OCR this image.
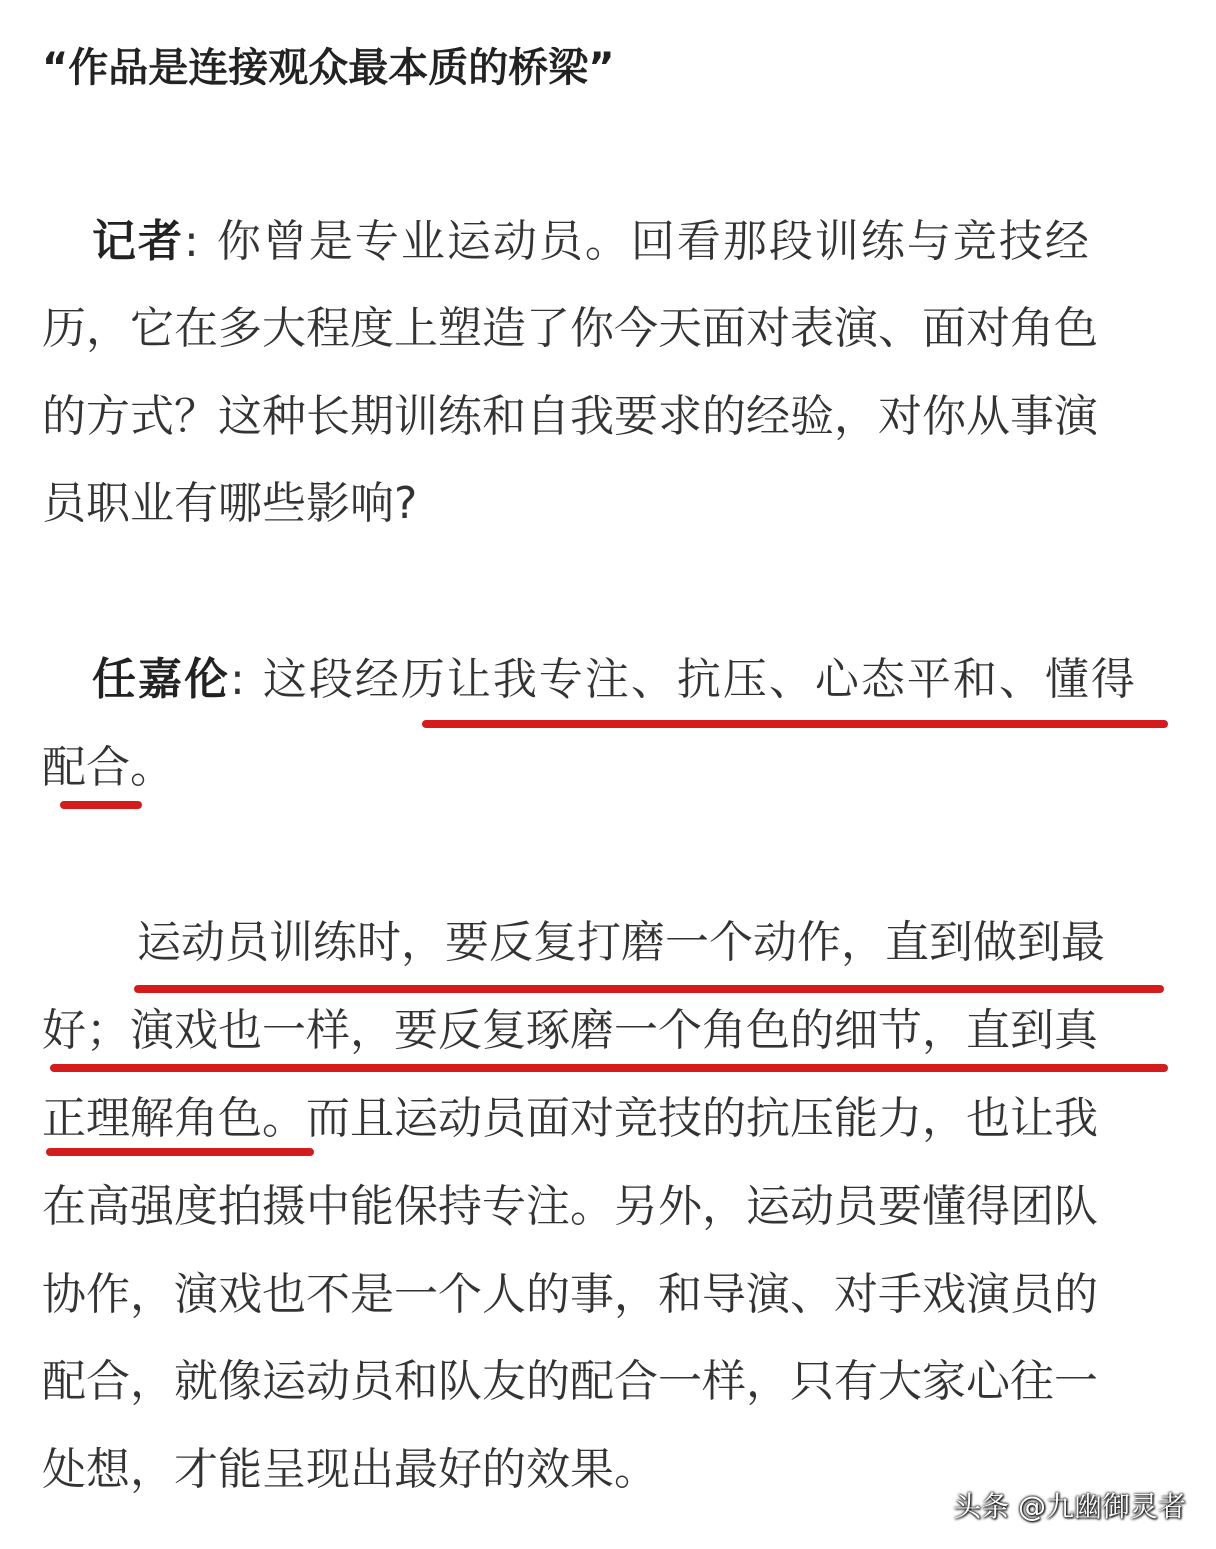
“作品是连接观众最本质的桥梁”
记者: 你曾是专业运动员。回看那段训练与竞技经
历，它在多大程度上塑造了你今天面对表演、面对角色
的方式？这种长期训练和自我要求的经验，对你从事演
员职业有哪些影响?
任嘉伦: 这段经历让我专注、抗压、心态平和、懂得
配合。
运动员训练时，要反复打磨一个动作，直到做到最
好；演戏也一样，要反复琢磨一个角色的细节，直到真
正理解角色。而且运动员面对竞技的抗压能力，也让我
在高强度拍摄中能保持专注。另外，运动员要懂得团队
协作，演戏也不是一个人的事，和导演、对手戏演员的
配合，就像运动员和队友的配合一样，只有大家心往一
处想，才能呈现出最好的效果。
头条 @九幽御灵者
